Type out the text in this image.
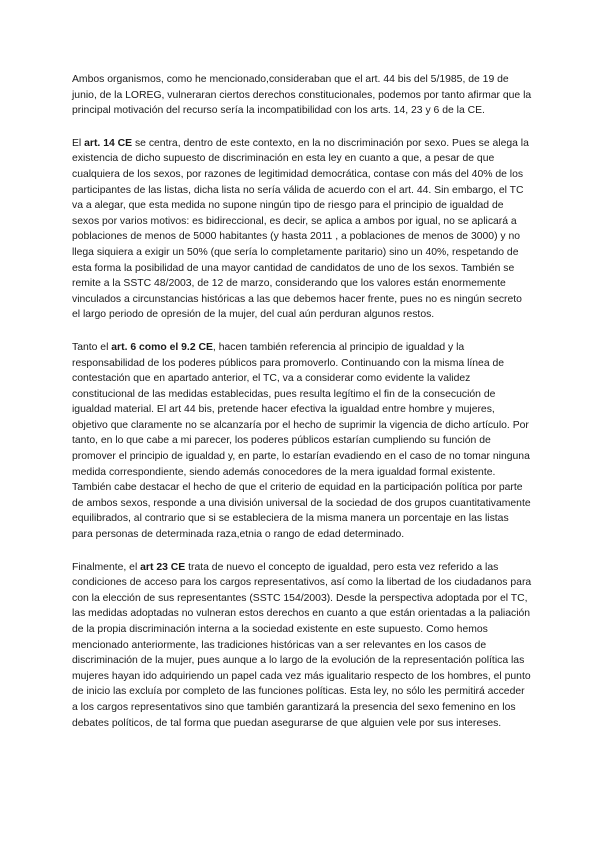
Ambos organismos, como he mencionado,consideraban que el art. 44 bis del 5/1985, de 19 de junio, de la LOREG, vulneraran ciertos derechos constitucionales, podemos por tanto afirmar que la principal motivación del recurso sería la incompatibilidad con los arts. 14, 23 y 6 de la CE.

El art. 14 CE se centra, dentro de este contexto, en la no discriminación por sexo. Pues se alega la existencia de dicho supuesto de discriminación en esta ley en cuanto a que, a pesar de que cualquiera de los sexos, por razones de legitimidad democrática, contase con más del 40% de los participantes de las listas, dicha lista no sería válida de acuerdo con el art. 44. Sin embargo, el TC va a alegar, que esta medida no supone ningún tipo de riesgo para el principio de igualdad de sexos por varios motivos: es bidireccional, es decir, se aplica a ambos por igual, no se aplicará a poblaciones de menos de 5000 habitantes (y hasta 2011 , a poblaciones de menos de 3000) y no llega siquiera a exigir un 50% (que sería lo completamente paritario) sino un 40%, respetando de esta forma la posibilidad de una mayor cantidad de candidatos de uno de los sexos. También se remite a la SSTC 48/2003, de 12 de marzo, considerando que los valores están enormemente vinculados a circunstancias históricas a las que debemos hacer frente, pues no es ningún secreto el largo periodo de opresión de la mujer, del cual aún perduran algunos restos.

Tanto el art. 6 como el 9.2 CE, hacen también referencia al principio de igualdad y la responsabilidad de los poderes públicos para promoverlo. Continuando con la misma línea de contestación que en apartado anterior, el TC, va a considerar como evidente la validez constitucional de las medidas establecidas, pues resulta legítimo el fin de la consecución de igualdad material. El art 44 bis, pretende hacer efectiva la igualdad entre hombre y mujeres, objetivo que claramente no se alcanzaría por el hecho de suprimir la vigencia de dicho artículo. Por tanto, en lo que cabe a mi parecer, los poderes públicos estarían cumpliendo su función de promover el principio de igualdad y, en parte, lo estarían evadiendo en el caso de no tomar ninguna medida correspondiente, siendo además conocedores de la mera igualdad formal existente. También cabe destacar el hecho de que el criterio de equidad en la participación política por parte de ambos sexos, responde a una división universal de la sociedad de dos grupos cuantitativamente equilibrados, al contrario que si se estableciera de la misma manera un porcentaje en las listas para personas de determinada raza,etnia o rango de edad determinado.

Finalmente, el art 23 CE trata de nuevo el concepto de igualdad, pero esta vez referido a las condiciones de acceso para los cargos representativos, así como la libertad de los ciudadanos para con la elección de sus representantes (SSTC 154/2003). Desde la perspectiva adoptada por el TC, las medidas adoptadas no vulneran estos derechos en cuanto a que están orientadas a la paliación de la propia discriminación interna a la sociedad existente en este supuesto. Como hemos mencionado anteriormente, las tradiciones históricas van a ser relevantes en los casos de discriminación de la mujer, pues aunque a lo largo de la evolución de la representación política las mujeres hayan ido adquiriendo un papel cada vez más igualitario respecto de los hombres, el punto de inicio las excluía por completo de las funciones políticas. Esta ley, no sólo les permitirá acceder a los cargos representativos sino que también garantizará la presencia del sexo femenino en los debates políticos, de tal forma que puedan asegurarse de que alguien vele por sus intereses.
